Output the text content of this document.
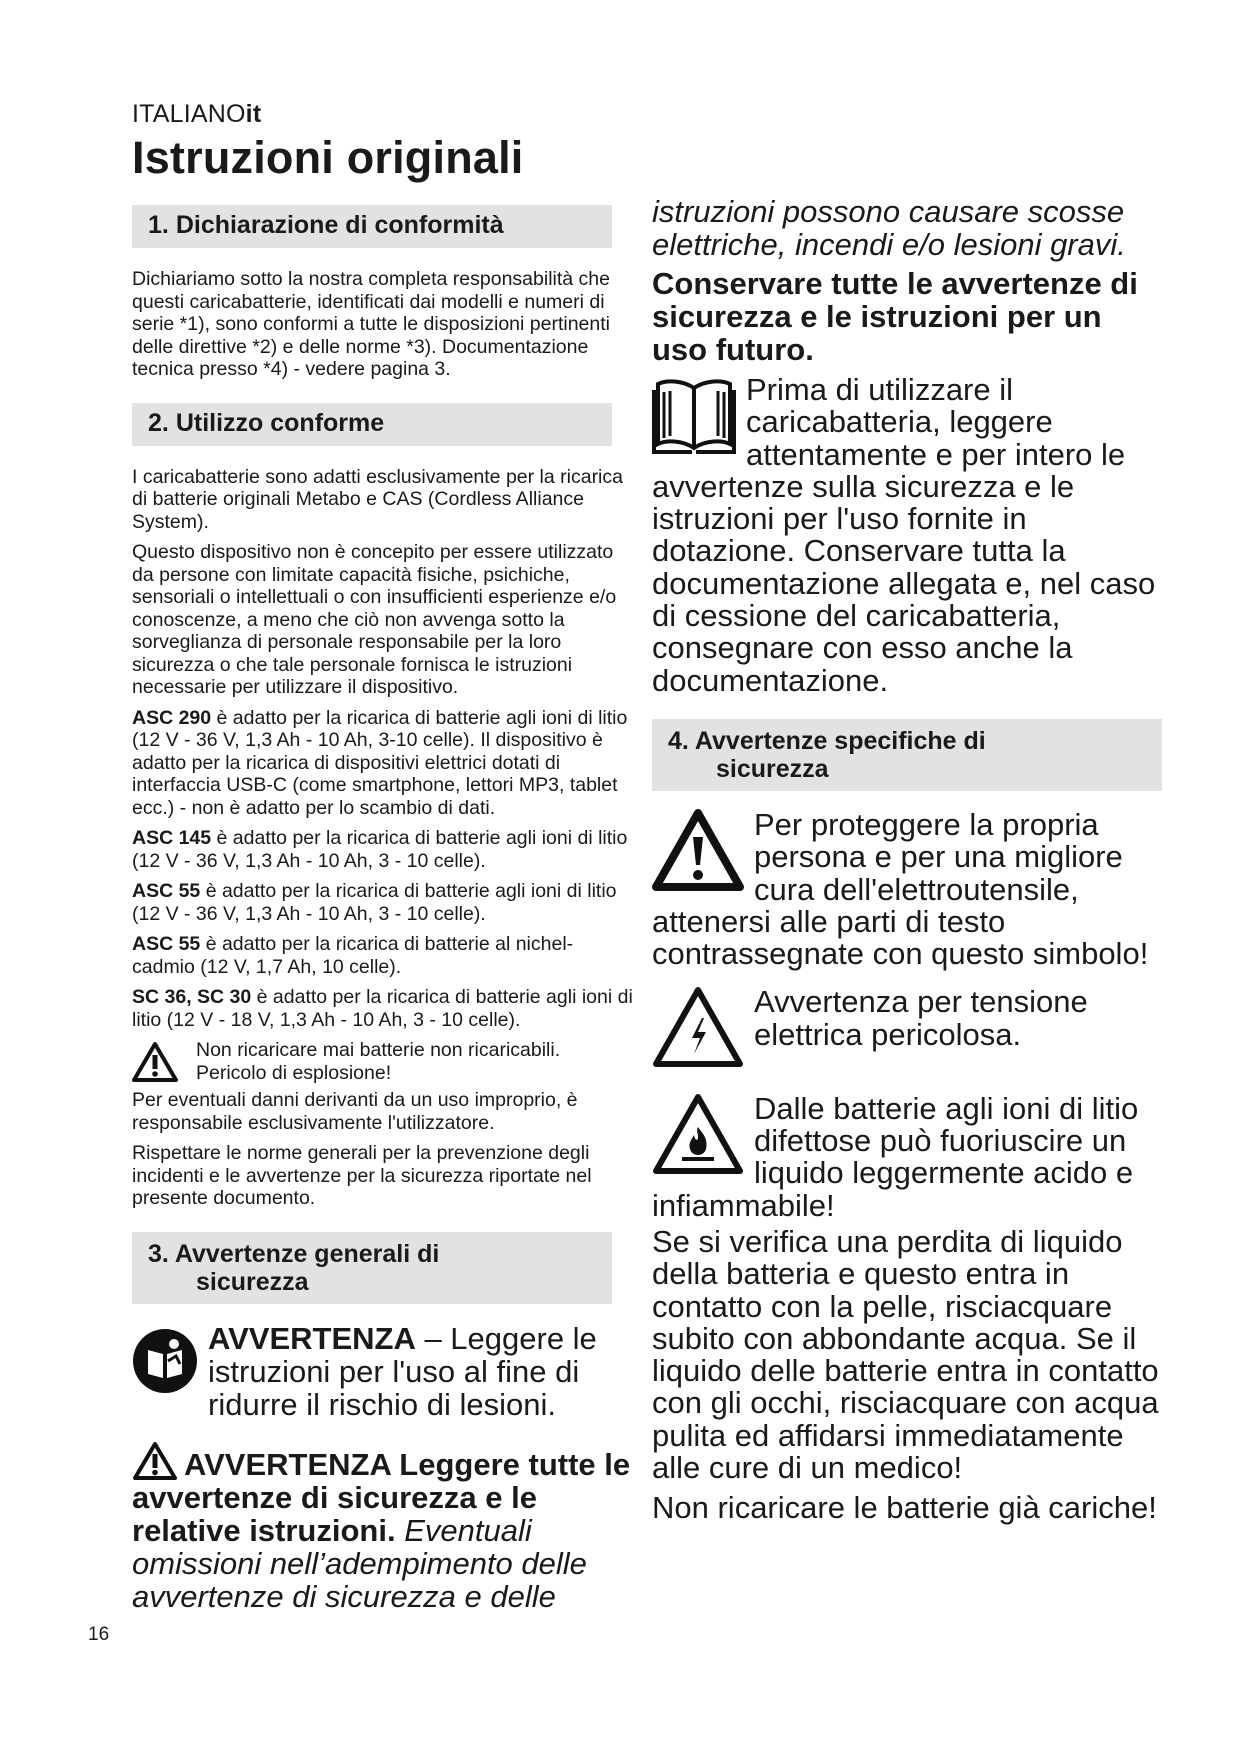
ITALIANOit
Istruzioni originali
1. Dichiarazione di conformità

Dichiariamo sotto la nostra completa responsabilità che questi caricabatterie, identificati dai modelli e numeri di serie *1), sono conformi a tutte le disposizioni pertinenti delle direttive *2) e delle norme *3). Documentazione tecnica presso *4) - vedere pagina 3.

2. Utilizzo conforme

I caricabatterie sono adatti esclusivamente per la ricarica di batterie originali Metabo e CAS (Cordless Alliance System).

Questo dispositivo non è concepito per essere utilizzato da persone con limitate capacità fisiche, psichiche, sensoriali o intellettuali o con insufficienti esperienze e/o conoscenze, a meno che ciò non avvenga sotto la sorveglianza di personale responsabile per la loro sicurezza o che tale personale fornisca le istruzioni necessarie per utilizzare il dispositivo.

ASC 290 è adatto per la ricarica di batterie agli ioni di litio (12 V - 36 V, 1,3 Ah - 10 Ah, 3-10 celle). Il dispositivo è adatto per la ricarica di dispositivi elettrici dotati di interfaccia USB-C (come smartphone, lettori MP3, tablet ecc.) - non è adatto per lo scambio di dati.

ASC 145 è adatto per la ricarica di batterie agli ioni di litio (12 V - 36 V, 1,3 Ah - 10 Ah, 3 - 10 celle).

ASC 55 è adatto per la ricarica di batterie agli ioni di litio (12 V - 36 V, 1,3 Ah - 10 Ah, 3 - 10 celle).

ASC 55 è adatto per la ricarica di batterie al nichel-cadmio (12 V, 1,7 Ah, 10 celle).

SC 36, SC 30 è adatto per la ricarica di batterie agli ioni di litio (12 V - 18 V, 1,3 Ah - 10 Ah, 3 - 10 celle).

Non ricaricare mai batterie non ricaricabili. Pericolo di esplosione!

Per eventuali danni derivanti da un uso improprio, è responsabile esclusivamente l'utilizzatore.

Rispettare le norme generali per la prevenzione degli incidenti e le avvertenze per la sicurezza riportate nel presente documento.

3. Avvertenze generali di
sicurezza
AVVERTENZA – Leggere le istruzioni per l'uso al fine di ridurre il rischio di lesioni.
AVVERTENZA Leggere tutte le avvertenze di sicurezza e le relative istruzioni. Eventuali omissioni nell’adempimento delle avvertenze di sicurezza e delle
istruzioni possono causare scosse elettriche, incendi e/o lesioni gravi.
Conservare tutte le avvertenze di sicurezza e le istruzioni per un uso futuro.
Prima di utilizzare il caricabatteria, leggere attentamente e per intero le avvertenze sulla sicurezza e le istruzioni per l'uso fornite in dotazione. Conservare tutta la documentazione allegata e, nel caso di cessione del caricabatteria, consegnare con esso anche la documentazione.
4. Avvertenze specifiche di
sicurezza
Per proteggere la propria persona e per una migliore cura dell'elettroutensile, attenersi alle parti di testo contrassegnate con questo simbolo!
Avvertenza per tensione elettrica pericolosa.
Dalle batterie agli ioni di litio difettose può fuoriuscire un liquido leggermente acido e infiammabile!
Se si verifica una perdita di liquido della batteria e questo entra in contatto con la pelle, risciacquare subito con abbondante acqua. Se il liquido delle batterie entra in contatto con gli occhi, risciacquare con acqua pulita ed affidarsi immediatamente alle cure di un medico!
Non ricaricare le batterie già cariche!
16
